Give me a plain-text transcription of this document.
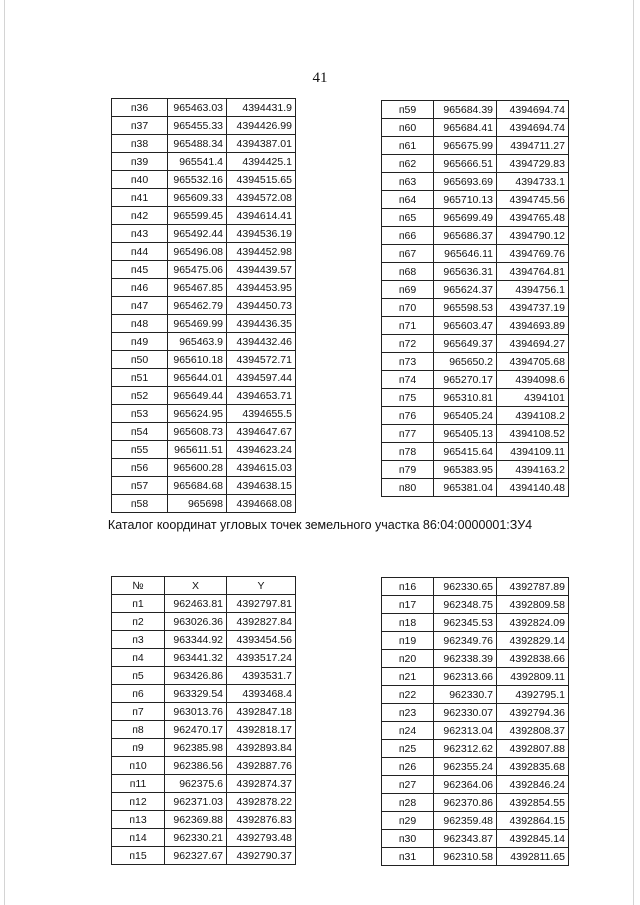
41
п36	965463.03	4394431.9
п37	965455.33	4394426.99
п38	965488.34	4394387.01
п39	965541.4	4394425.1
п40	965532.16	4394515.65
п41	965609.33	4394572.08
п42	965599.45	4394614.41
п43	965492.44	4394536.19
п44	965496.08	4394452.98
п45	965475.06	4394439.57
п46	965467.85	4394453.95
п47	965462.79	4394450.73
п48	965469.99	4394436.35
п49	965463.9	4394432.46
п50	965610.18	4394572.71
п51	965644.01	4394597.44
п52	965649.44	4394653.71
п53	965624.95	4394655.5
п54	965608.73	4394647.67
п55	965611.51	4394623.24
п56	965600.28	4394615.03
п57	965684.68	4394638.15
п58	965698	4394668.08
п59	965684.39	4394694.74
п60	965684.41	4394694.74
п61	965675.99	4394711.27
п62	965666.51	4394729.83
п63	965693.69	4394733.1
п64	965710.13	4394745.56
п65	965699.49	4394765.48
п66	965686.37	4394790.12
п67	965646.11	4394769.76
п68	965636.31	4394764.81
п69	965624.37	4394756.1
п70	965598.53	4394737.19
п71	965603.47	4394693.89
п72	965649.37	4394694.27
п73	965650.2	4394705.68
п74	965270.17	4394098.6
п75	965310.81	4394101
п76	965405.24	4394108.2
п77	965405.13	4394108.52
п78	965415.64	4394109.11
п79	965383.95	4394163.2
п80	965381.04	4394140.48
Каталог координат угловых точек земельного участка 86:04:0000001:ЗУ4
№	X	Y
п1	962463.81	4392797.81
п2	963026.36	4392827.84
п3	963344.92	4393454.56
п4	963441.32	4393517.24
п5	963426.86	4393531.7
п6	963329.54	4393468.4
п7	963013.76	4392847.18
п8	962470.17	4392818.17
п9	962385.98	4392893.84
п10	962386.56	4392887.76
п11	962375.6	4392874.37
п12	962371.03	4392878.22
п13	962369.88	4392876.83
п14	962330.21	4392793.48
п15	962327.67	4392790.37
п16	962330.65	4392787.89
п17	962348.75	4392809.58
п18	962345.53	4392824.09
п19	962349.76	4392829.14
п20	962338.39	4392838.66
п21	962313.66	4392809.11
п22	962330.7	4392795.1
п23	962330.07	4392794.36
п24	962313.04	4392808.37
п25	962312.62	4392807.88
п26	962355.24	4392835.68
п27	962364.06	4392846.24
п28	962370.86	4392854.55
п29	962359.48	4392864.15
п30	962343.87	4392845.14
п31	962310.58	4392811.65
